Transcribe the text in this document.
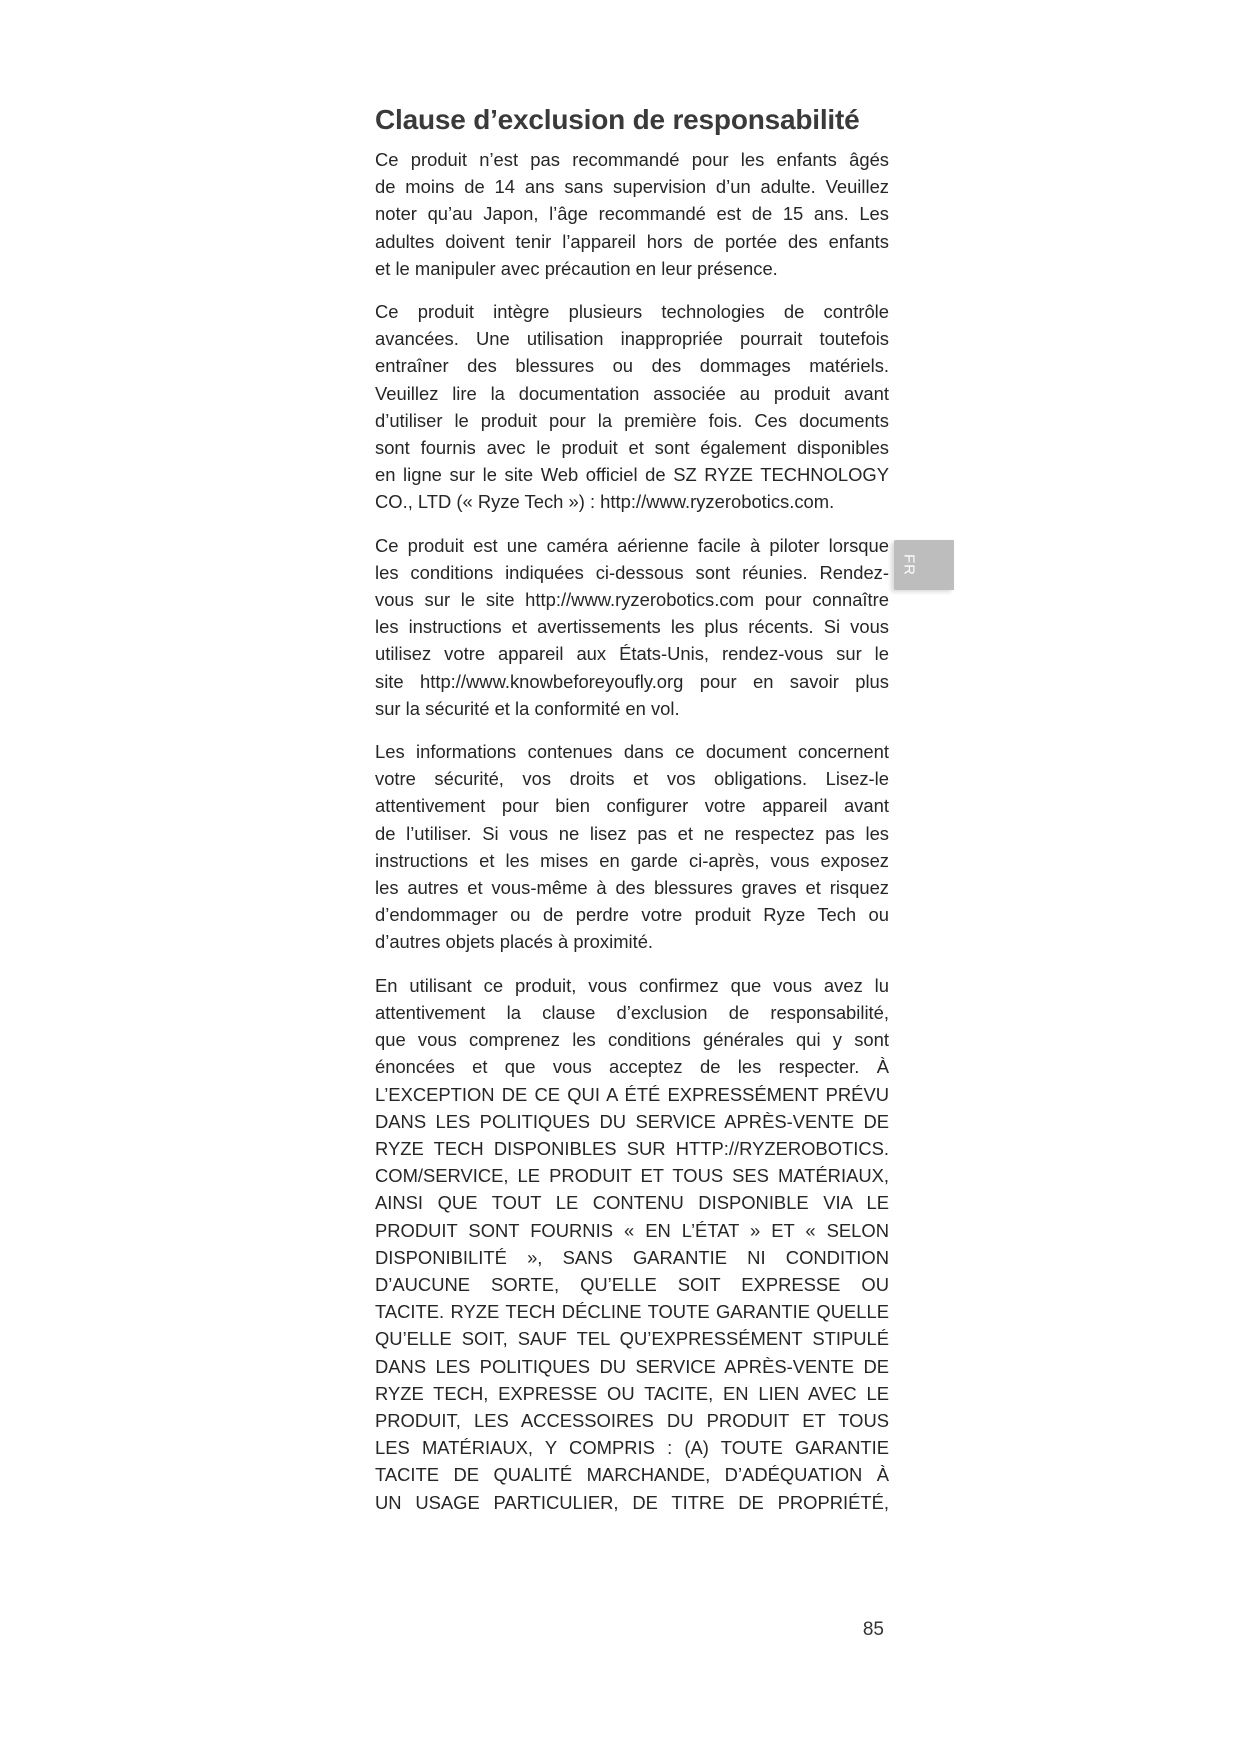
Clause d’exclusion de responsabilité
Ce produit n’est pas recommandé pour les enfants âgés
de moins de 14 ans sans supervision d’un adulte. Veuillez
noter qu’au Japon, l’âge recommandé est de 15 ans. Les
adultes doivent tenir l’appareil hors de portée des enfants
et le manipuler avec précaution en leur présence.
Ce produit intègre plusieurs technologies de contrôle
avancées. Une utilisation inappropriée pourrait toutefois
entraîner des blessures ou des dommages matériels.
Veuillez lire la documentation associée au produit avant
d’utiliser le produit pour la première fois. Ces documents
sont fournis avec le produit et sont également disponibles
en ligne sur le site Web officiel de SZ RYZE TECHNOLOGY
CO., LTD (« Ryze Tech ») : http://www.ryzerobotics.com.
Ce produit est une caméra aérienne facile à piloter lorsque
les conditions indiquées ci-dessous sont réunies. Rendez-
vous sur le site http://www.ryzerobotics.com pour connaître
les instructions et avertissements les plus récents. Si vous
utilisez votre appareil aux États-Unis, rendez-vous sur le
site http://www.knowbeforeyoufly.org pour en savoir plus
sur la sécurité et la conformité en vol.
Les informations contenues dans ce document concernent
votre sécurité, vos droits et vos obligations. Lisez-le
attentivement pour bien configurer votre appareil avant
de l’utiliser. Si vous ne lisez pas et ne respectez pas les
instructions et les mises en garde ci-après, vous exposez
les autres et vous-même à des blessures graves et risquez
d’endommager ou de perdre votre produit Ryze Tech ou
d’autres objets placés à proximité.
En utilisant ce produit, vous confirmez que vous avez lu
attentivement la clause d’exclusion de responsabilité,
que vous comprenez les conditions générales qui y sont
énoncées et que vous acceptez de les respecter. À
L’EXCEPTION DE CE QUI A ÉTÉ EXPRESSÉMENT PRÉVU
DANS LES POLITIQUES DU SERVICE APRÈS-VENTE DE
RYZE TECH DISPONIBLES SUR HTTP://RYZEROBOTICS.
COM/SERVICE, LE PRODUIT ET TOUS SES MATÉRIAUX,
AINSI QUE TOUT LE CONTENU DISPONIBLE VIA LE
PRODUIT SONT FOURNIS « EN L’ÉTAT » ET « SELON
DISPONIBILITÉ », SANS GARANTIE NI CONDITION
D’AUCUNE SORTE, QU’ELLE SOIT EXPRESSE OU
TACITE. RYZE TECH DÉCLINE TOUTE GARANTIE QUELLE
QU’ELLE SOIT, SAUF TEL QU’EXPRESSÉMENT STIPULÉ
DANS LES POLITIQUES DU SERVICE APRÈS-VENTE DE
RYZE TECH, EXPRESSE OU TACITE, EN LIEN AVEC LE
PRODUIT, LES ACCESSOIRES DU PRODUIT ET TOUS
LES MATÉRIAUX, Y COMPRIS : (A) TOUTE GARANTIE
TACITE DE QUALITÉ MARCHANDE, D’ADÉQUATION À
UN USAGE PARTICULIER, DE TITRE DE PROPRIÉTÉ,
FR
85
